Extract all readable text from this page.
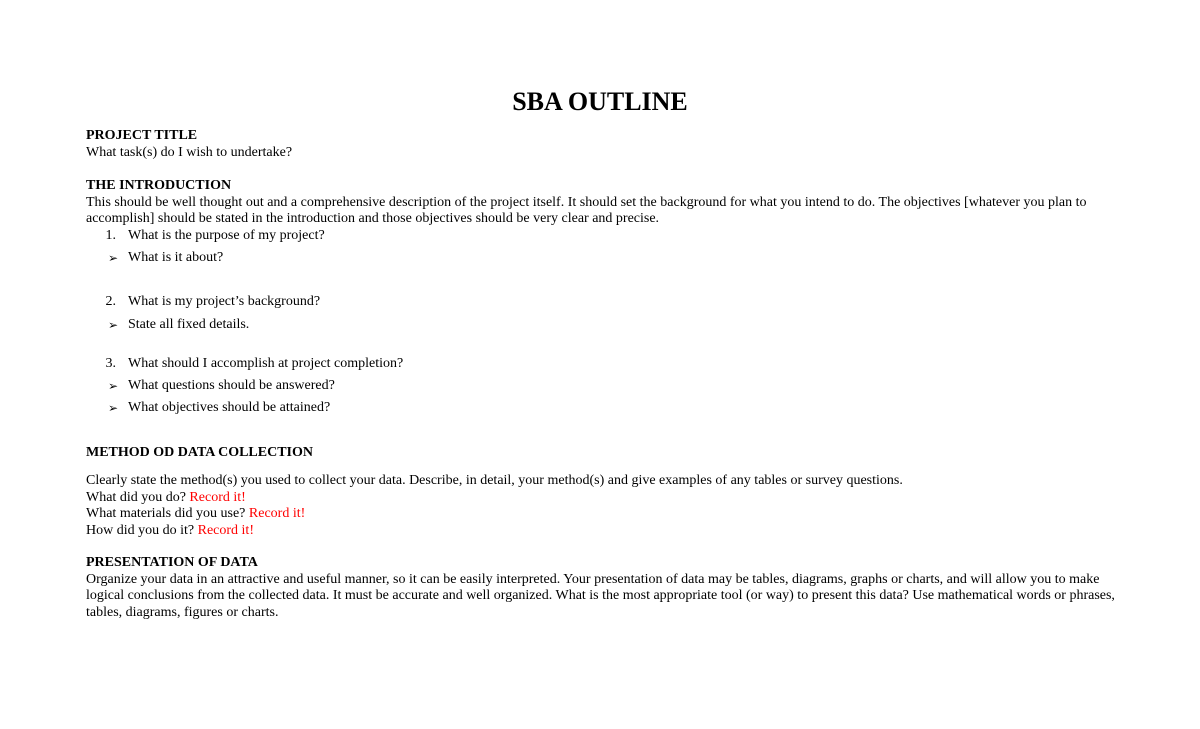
SBA OUTLINE
PROJECT TITLE
What task(s) do I wish to undertake?
THE INTRODUCTION
This should be well thought out and a comprehensive description of the project itself. It should set the background for what you intend to do. The objectives [whatever you plan to accomplish] should be stated in the introduction and those objectives should be very clear and precise.
1. What is the purpose of my project?
➢ What is it about?
2. What is my project’s background?
➢ State all fixed details.
3. What should I accomplish at project completion?
➢ What questions should be answered?
➢ What objectives should be attained?
METHOD OD DATA COLLECTION
Clearly state the method(s) you used to collect your data. Describe, in detail, your method(s) and give examples of any tables or survey questions.
What did you do? Record it!
What materials did you use? Record it!
How did you do it? Record it!
PRESENTATION OF DATA
Organize your data in an attractive and useful manner, so it can be easily interpreted. Your presentation of data may be tables, diagrams, graphs or charts, and will allow you to make logical conclusions from the collected data. It must be accurate and well organized. What is the most appropriate tool (or way) to present this data? Use mathematical words or phrases, tables, diagrams, figures or charts.
